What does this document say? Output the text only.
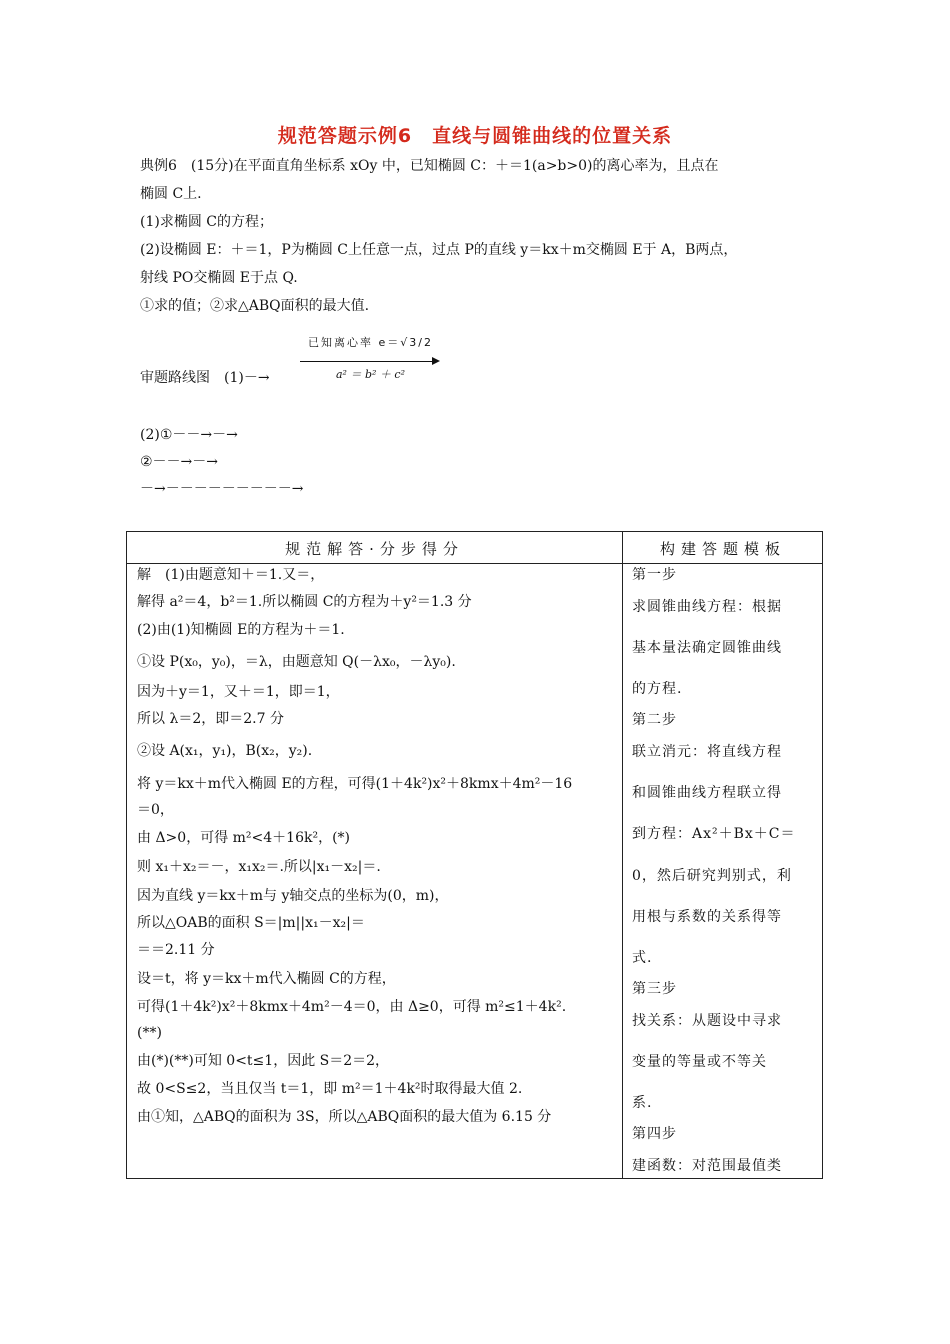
规范答题示例6　直线与圆锥曲线的位置关系
典例6　(15分)在平面直角坐标系 xOy 中，已知椭圆 C：＋＝1(a>b>0)的离心率为，且点在
椭圆 C上.
(1)求椭圆 C的方程；
(2)设椭圆 E：＋＝1，P为椭圆 C上任意一点，过点 P的直线 y＝kx＋m交椭圆 E于 A，B两点，
射线 PO交椭圆 E于点 Q.
①求的值；②求△ABQ面积的最大值.
审题路线图　(1)－→
已知离心率 e＝√3/2
a² ＝ b² ＋ c²
(2)①－－→－→
②－－→－→
－→－－－－－－－－－→
规范解答·分步得分	构建答题模板
解　(1)由题意知＋＝1.又＝，
解得 a²＝4，b²＝1.所以椭圆 C的方程为＋y²＝1.3 分
(2)由(1)知椭圆 E的方程为＋＝1.
①设 P(x₀，y₀)，＝λ，由题意知 Q(－λx₀，－λy₀).
因为＋y＝1，又＋＝1，即＝1，
所以 λ＝2，即＝2.7 分
②设 A(x₁，y₁)，B(x₂，y₂).
将 y＝kx＋m代入椭圆 E的方程，可得(1＋4k²)x²＋8kmx＋4m²－16
＝0，
由 Δ>0，可得 m²<4＋16k²，(*)
则 x₁＋x₂＝－，x₁x₂＝.所以|x₁－x₂|＝.
因为直线 y＝kx＋m与 y轴交点的坐标为(0，m)，
所以△OAB的面积 S＝|m||x₁－x₂|＝
＝＝2.11 分
设＝t，将 y＝kx＋m代入椭圆 C的方程，
可得(1＋4k²)x²＋8kmx＋4m²－4＝0，由 Δ≥0，可得 m²≤1＋4k².
(**)
由(*)(**)可知 0<t≤1，因此 S＝2＝2，
故 0<S≤2，当且仅当 t＝1，即 m²＝1＋4k²时取得最大值 2.
由①知，△ABQ的面积为 3S，所以△ABQ面积的最大值为 6.15 分
第一步
求圆锥曲线方程：根据
基本量法确定圆锥曲线
的方程.
第二步
联立消元：将直线方程
和圆锥曲线方程联立得
到方程：Ax²＋Bx＋C＝
0，然后研究判别式，利
用根与系数的关系得等
式.
第三步
找关系：从题设中寻求
变量的等量或不等关
系.
第四步
建函数：对范围最值类
